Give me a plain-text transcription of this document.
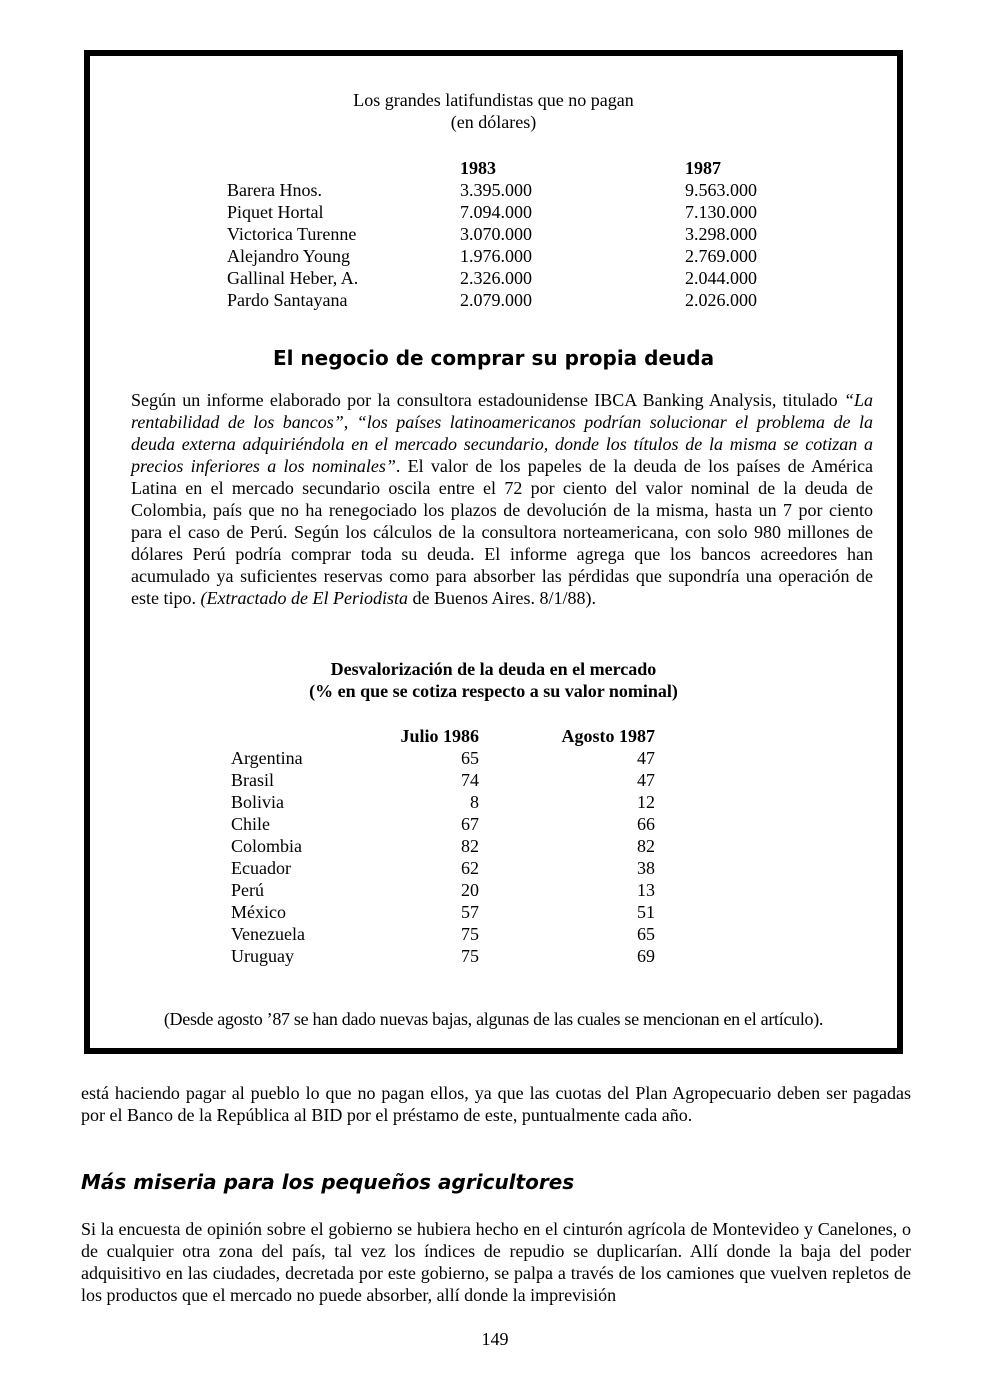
Los grandes latifundistas que no pagan
(en dólares)
	1983	1987
Barera Hnos.	3.395.000	9.563.000
Piquet Hortal	7.094.000	7.130.000
Victorica Turenne	3.070.000	3.298.000
Alejandro Young	1.976.000	2.769.000
Gallinal Heber, A.	2.326.000	2.044.000
Pardo Santayana	2.079.000	2.026.000
El negocio de comprar su propia deuda
Según un informe elaborado por la consultora estadounidense IBCA Banking Analysis, titulado “La rentabilidad de los bancos”, “los países latinoamericanos podrían solucionar el problema de la deuda externa adquiriéndola en el mercado secundario, donde los títulos de la misma se cotizan a precios inferiores a los nominales”. El valor de los papeles de la deuda de los países de América Latina en el mercado secundario oscila entre el 72 por ciento del valor nominal de la deuda de Colombia, país que no ha renegociado los plazos de devolución de la misma, hasta un 7 por ciento para el caso de Perú. Según los cálculos de la consultora norteamericana, con solo 980 millones de dólares Perú podría comprar toda su deuda. El informe agrega que los bancos acreedores han acumulado ya suficientes reservas como para absorber las pérdidas que supondría una operación de este tipo. (Extractado de El Periodista de Buenos Aires. 8/1/88).
Desvalorización de la deuda en el mercado
(% en que se cotiza respecto a su valor nominal)
	Julio 1986	Agosto 1987
Argentina	65	47
Brasil	74	47
Bolivia	8	12
Chile	67	66
Colombia	82	82
Ecuador	62	38
Perú	20	13
México	57	51
Venezuela	75	65
Uruguay	75	69
(Desde agosto ’87 se han dado nuevas bajas, algunas de las cuales se mencionan en el artículo).
está haciendo pagar al pueblo lo que no pagan ellos, ya que las cuotas del Plan Agropecuario deben ser pagadas por el Banco de la República al BID por el préstamo de este, puntualmente cada año.
Más miseria para los pequeños agricultores
Si la encuesta de opinión sobre el gobierno se hubiera hecho en el cinturón agrícola de Montevideo y Canelones, o de cualquier otra zona del país, tal vez los índices de repudio se duplicarían. Allí donde la baja del poder adquisitivo en las ciudades, decretada por este gobierno, se palpa a través de los camiones que vuelven repletos de los productos que el mercado no puede absorber, allí donde la imprevisión
149
